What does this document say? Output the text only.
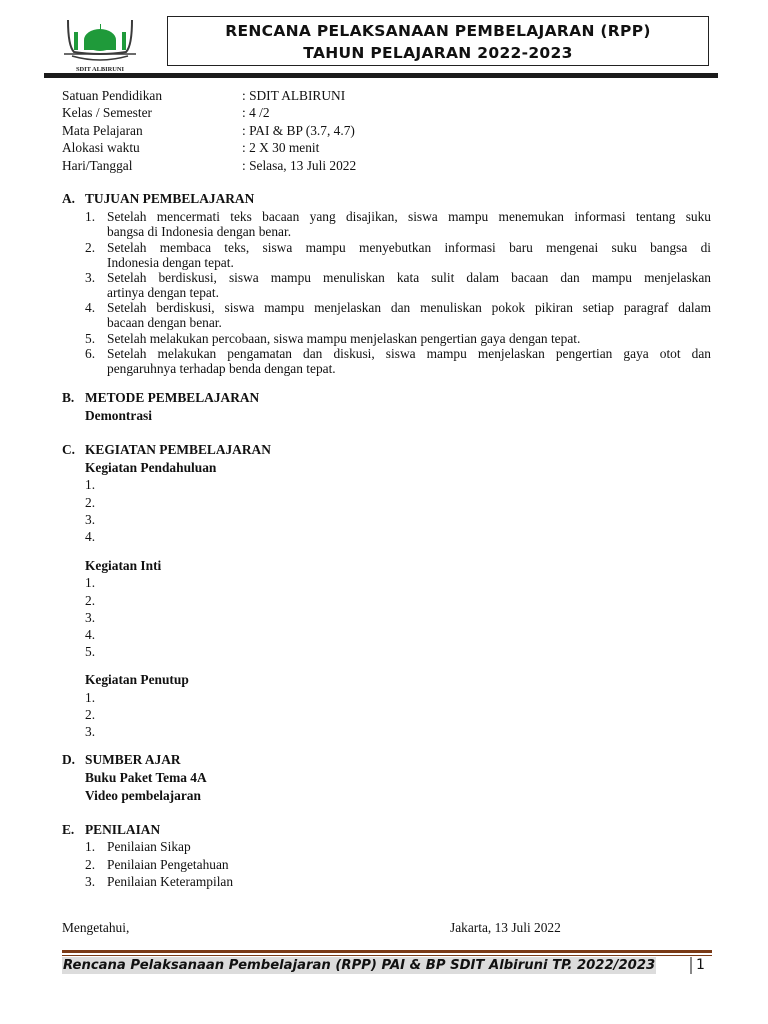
SDIT ALBIRUNI
RENCANA PELAKSANAAN PEMBELAJARAN (RPP)
TAHUN PELAJARAN 2022-2023
Satuan Pendidikan	: SDIT ALBIRUNI
Kelas / Semester	: 4 /2
Mata Pelajaran	: PAI & BP (3.7, 4.7)
Alokasi waktu	: 2 X 30 menit
Hari/Tanggal	: Selasa, 13 Juli 2022
A. TUJUAN PEMBELAJARAN
1. Setelah mencermati teks bacaan yang disajikan, siswa mampu menemukan informasi tentang suku
bangsa di Indonesia dengan benar.
2. Setelah membaca teks, siswa mampu menyebutkan informasi baru mengenai suku bangsa di
Indonesia dengan tepat.
3. Setelah berdiskusi, siswa mampu menuliskan kata sulit dalam bacaan dan mampu menjelaskan
artinya dengan tepat.
4. Setelah berdiskusi, siswa mampu menjelaskan dan menuliskan pokok pikiran setiap paragraf dalam
bacaan dengan benar.
5. Setelah melakukan percobaan, siswa mampu menjelaskan pengertian gaya dengan tepat.
6. Setelah melakukan pengamatan dan diskusi, siswa mampu menjelaskan pengertian gaya otot dan
pengaruhnya terhadap benda dengan tepat.
B. METODE PEMBELAJARAN
Demontrasi
C. KEGIATAN PEMBELAJARAN
Kegiatan Pendahuluan
1.
2.
3.
4.
Kegiatan Inti
1.
2.
3.
4.
5.
Kegiatan Penutup
1.
2.
3.
D. SUMBER AJAR
Buku Paket Tema 4A
Video pembelajaran
E. PENILAIAN
1. Penilaian Sikap
2. Penilaian Pengetahuan
3. Penilaian Keterampilan
Mengetahui,	Jakarta, 13 Juli 2022
Rencana Pelaksanaan Pembelajaran (RPP) PAI & BP SDIT Albiruni TP. 2022/2023	1
